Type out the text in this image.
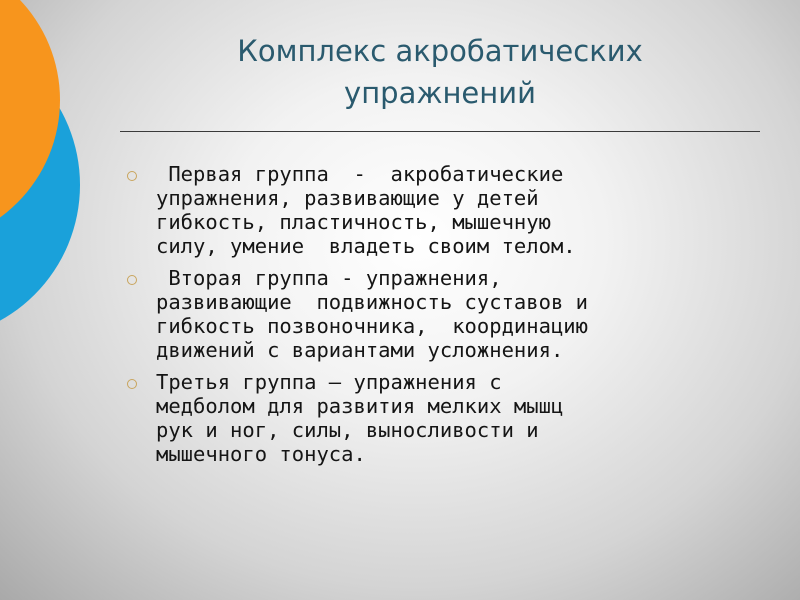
Комплекс акробатических
упражнений
Первая группа  -  акробатические
упражнения, развивающие у детей
гибкость, пластичность, мышечную
силу, умение  владеть своим телом.
Вторая группа - упражнения,
развивающие  подвижность суставов и
гибкость позвоночника,  координацию
движений с вариантами усложнения.
Третья группа – упражнения с
медболом для развития мелких мышц
рук и ног, силы, выносливости и
мышечного тонуса.
